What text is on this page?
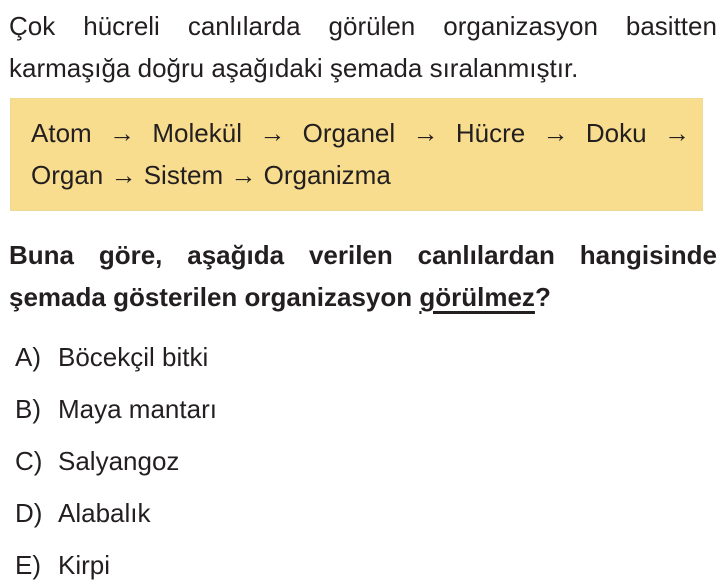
Çok hücreli canlılarda görülen organizasyon basitten
karmaşığa doğru aşağıdaki şemada sıralanmıştır.
Atom → Molekül → Organel → Hücre → Doku →
Organ → Sistem → Organizma
Buna göre, aşağıda verilen canlılardan hangisinde
şemada gösterilen organizasyon görülmez?
A) Böcekçil bitki
B) Maya mantarı
C) Salyangoz
D) Alabalık
E) Kirpi
